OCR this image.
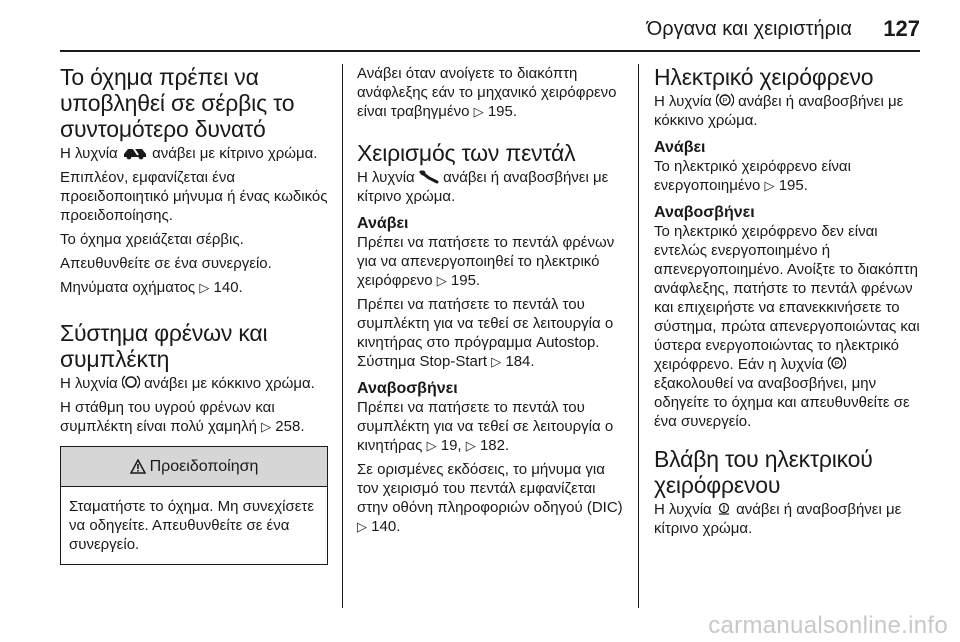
Όργανα και χειριστήρια 127
Το όχημα πρέπει να υποβληθεί σε σέρβις το συντομότερο δυνατό

Η λυχνία ανάβει με κίτρινο χρώμα.

Επιπλέον, εμφανίζεται ένα προειδοποιητικό μήνυμα ή ένας κωδικός προειδοποίησης.

Το όχημα χρειάζεται σέρβις.

Απευθυνθείτε σε ένα συνεργείο.

Μηνύματα οχήματος ▷ 140.

Σύστημα φρένων και συμπλέκτη

Η λυχνία ανάβει με κόκκινο χρώμα.

Η στάθμη του υγρού φρένων και συμπλέκτη είναι πολύ χαμηλή ▷ 258.

Προειδοποίηση
Σταματήστε το όχημα. Μη συνεχίσετε να οδηγείτε. Απευθυνθείτε σε ένα συνεργείο.

Ανάβει όταν ανοίγετε το διακόπτη ανάφλεξης εάν το μηχανικό χειρόφρενο είναι τραβηγμένο ▷ 195.

Χειρισμός των πεντάλ

Η λυχνία ανάβει ή αναβοσβήνει με κίτρινο χρώμα.

Ανάβει

Πρέπει να πατήσετε το πεντάλ φρένων για να απενεργοποιηθεί το ηλεκτρικό χειρόφρενο ▷ 195.

Πρέπει να πατήσετε το πεντάλ του συμπλέκτη για να τεθεί σε λειτουργία ο κινητήρας στο πρόγραμμα Autostop. Σύστημα Stop-Start ▷ 184.

Αναβοσβήνει

Πρέπει να πατήσετε το πεντάλ του συμπλέκτη για να τεθεί σε λειτουργία ο κινητήρας ▷ 19, ▷ 182.

Σε ορισμένες εκδόσεις, το μήνυμα για τον χειρισμό του πεντάλ εμφανίζεται στην οθόνη πληροφοριών οδηγού (DIC) ▷ 140.

Ηλεκτρικό χειρόφρενο

Η λυχνία P ανάβει ή αναβοσβήνει με κόκκινο χρώμα.

Ανάβει

Το ηλεκτρικό χειρόφρενο είναι ενεργοποιημένο ▷ 195.

Αναβοσβήνει

Το ηλεκτρικό χειρόφρενο δεν είναι εντελώς ενεργοποιημένο ή απενεργοποιημένο. Ανοίξτε το διακόπτη ανάφλεξης, πατήστε το πεντάλ φρένων και επιχειρήστε να επανεκκινήσετε το σύστημα, πρώτα απενεργοποιώντας και ύστερα ενεργοποιώντας το ηλεκτρικό χειρόφρενο. Εάν η λυχνία P
εξακολουθεί να αναβοσβήνει, μην οδηγείτε το όχημα και απευθυνθείτε σε ένα συνεργείο.

Βλάβη του ηλεκτρικού χειρόφρενου

Η λυχνία ανάβει ή αναβοσβήνει με κίτρινο χρώμα.

carmanualsonline.info
